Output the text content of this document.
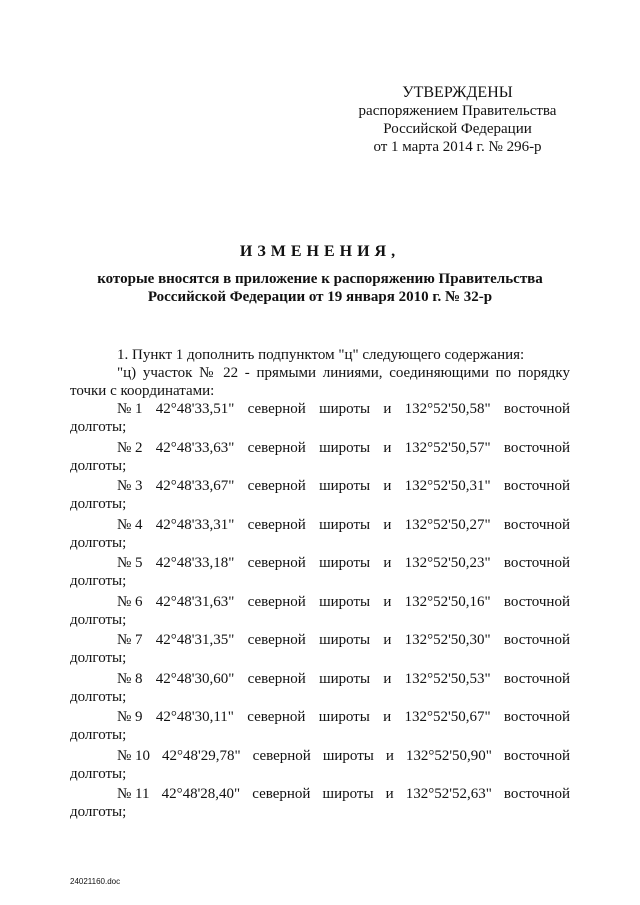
УТВЕРЖДЕНЫ
распоряжением Правительства
Российской Федерации
от 1 марта 2014 г. № 296-р
ИЗМЕНЕНИЯ,
которые вносятся в приложение к распоряжению Правительства
Российской Федерации от 19 января 2010 г. № 32-р
1. Пункт 1 дополнить подпунктом "ц" следующего содержания:
"ц) участок № 22 - прямыми линиями, соединяющими по порядку точки с координатами:
№ 1 42°48'33,51" северной широты и 132°52'50,58" восточной
долготы;
№ 2 42°48'33,63" северной широты и 132°52'50,57" восточной
долготы;
№ 3 42°48'33,67" северной широты и 132°52'50,31" восточной
долготы;
№ 4 42°48'33,31" северной широты и 132°52'50,27" восточной
долготы;
№ 5 42°48'33,18" северной широты и 132°52'50,23" восточной
долготы;
№ 6 42°48'31,63" северной широты и 132°52'50,16" восточной
долготы;
№ 7 42°48'31,35" северной широты и 132°52'50,30" восточной
долготы;
№ 8 42°48'30,60" северной широты и 132°52'50,53" восточной
долготы;
№ 9 42°48'30,11" северной широты и 132°52'50,67" восточной
долготы;
№ 10 42°48'29,78" северной широты и 132°52'50,90" восточной
долготы;
№ 11 42°48'28,40" северной широты и 132°52'52,63" восточной
долготы;
24021160.doc
